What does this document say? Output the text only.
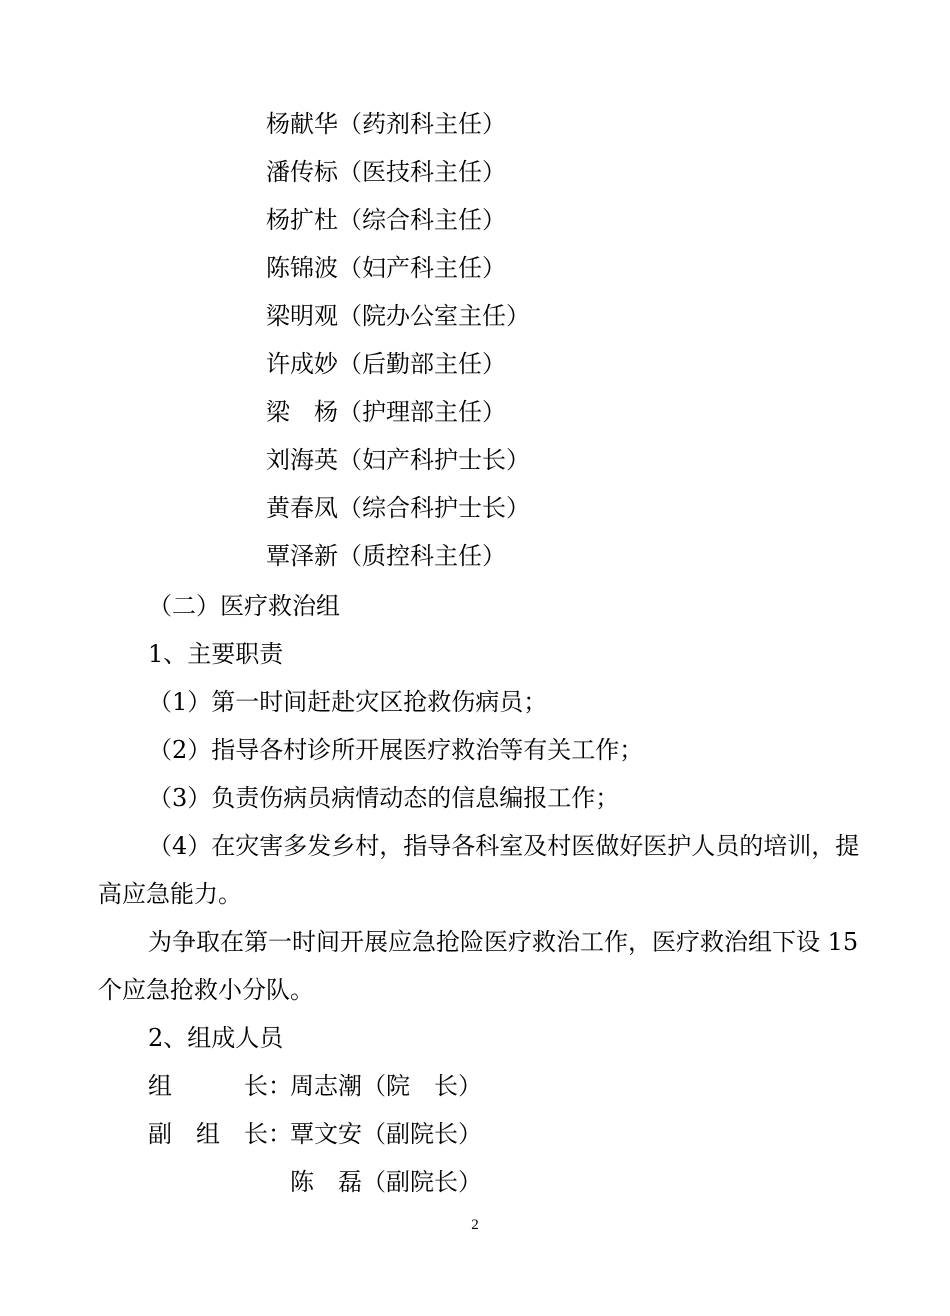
杨献华（药剂科主任）
潘传标（医技科主任）
杨扩杜（综合科主任）
陈锦波（妇产科主任）
梁明观（院办公室主任）
许成妙（后勤部主任）
梁　杨（护理部主任）
刘海英（妇产科护士长）
黄春凤（综合科护士长）
覃泽新（质控科主任）
（二）医疗救治组
1、主要职责
（1）第一时间赶赴灾区抢救伤病员；
（2）指导各村诊所开展医疗救治等有关工作；
（3）负责伤病员病情动态的信息编报工作；
（4）在灾害多发乡村，指导各科室及村医做好医护人员的培训，提
高应急能力。
为争取在第一时间开展应急抢险医疗救治工作，医疗救治组下设 15
个应急抢救小分队。
2、组成人员
组　　　长：
周志潮（院　长）
副　组　长：
覃文安（副院长）
陈　磊（副院长）
2
